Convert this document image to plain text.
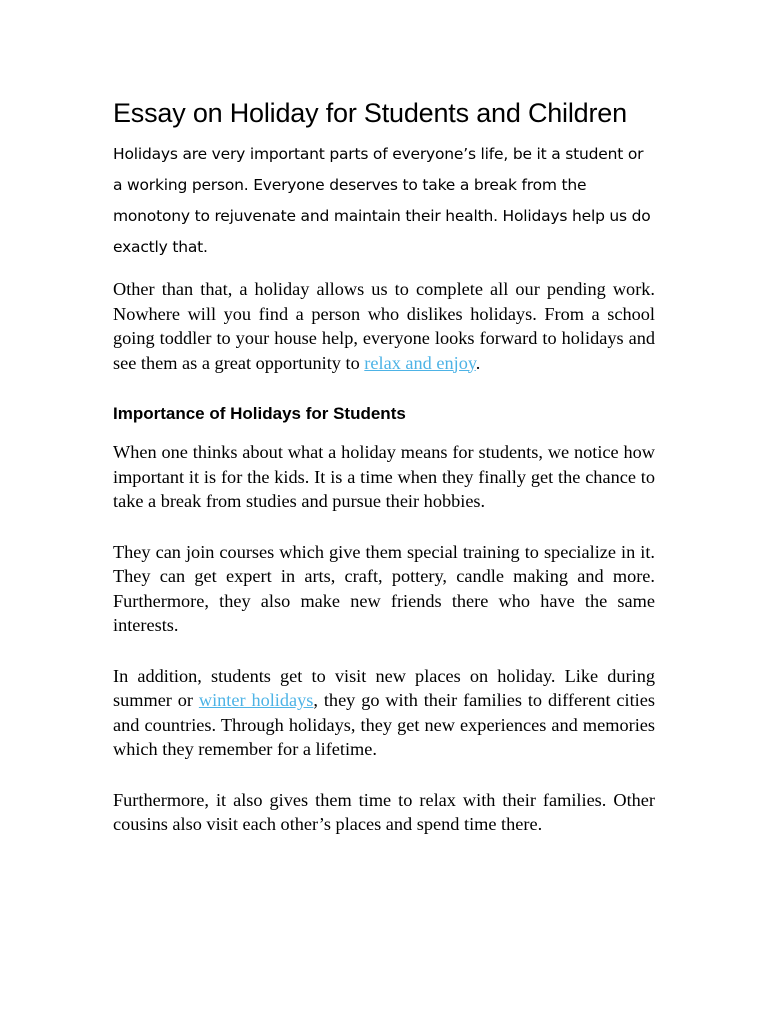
Essay on Holiday for Students and Children

Holidays are very important parts of everyone’s life, be it a student or a working person. Everyone deserves to take a break from the monotony to rejuvenate and maintain their health. Holidays help us do exactly that.

Other than that, a holiday allows us to complete all our pending work. Nowhere will you find a person who dislikes holidays. From a school going toddler to your house help, everyone looks forward to holidays and see them as a great opportunity to relax and enjoy.

Importance of Holidays for Students

When one thinks about what a holiday means for students, we notice how important it is for the kids. It is a time when they finally get the chance to take a break from studies and pursue their hobbies.

They can join courses which give them special training to specialize in it. They can get expert in arts, craft, pottery, candle making and more. Furthermore, they also make new friends there who have the same interests.

In addition, students get to visit new places on holiday. Like during summer or winter holidays, they go with their families to different cities and countries. Through holidays, they get new experiences and memories which they remember for a lifetime.

Furthermore, it also gives them time to relax with their families. Other cousins also visit each other’s places and spend time there.
